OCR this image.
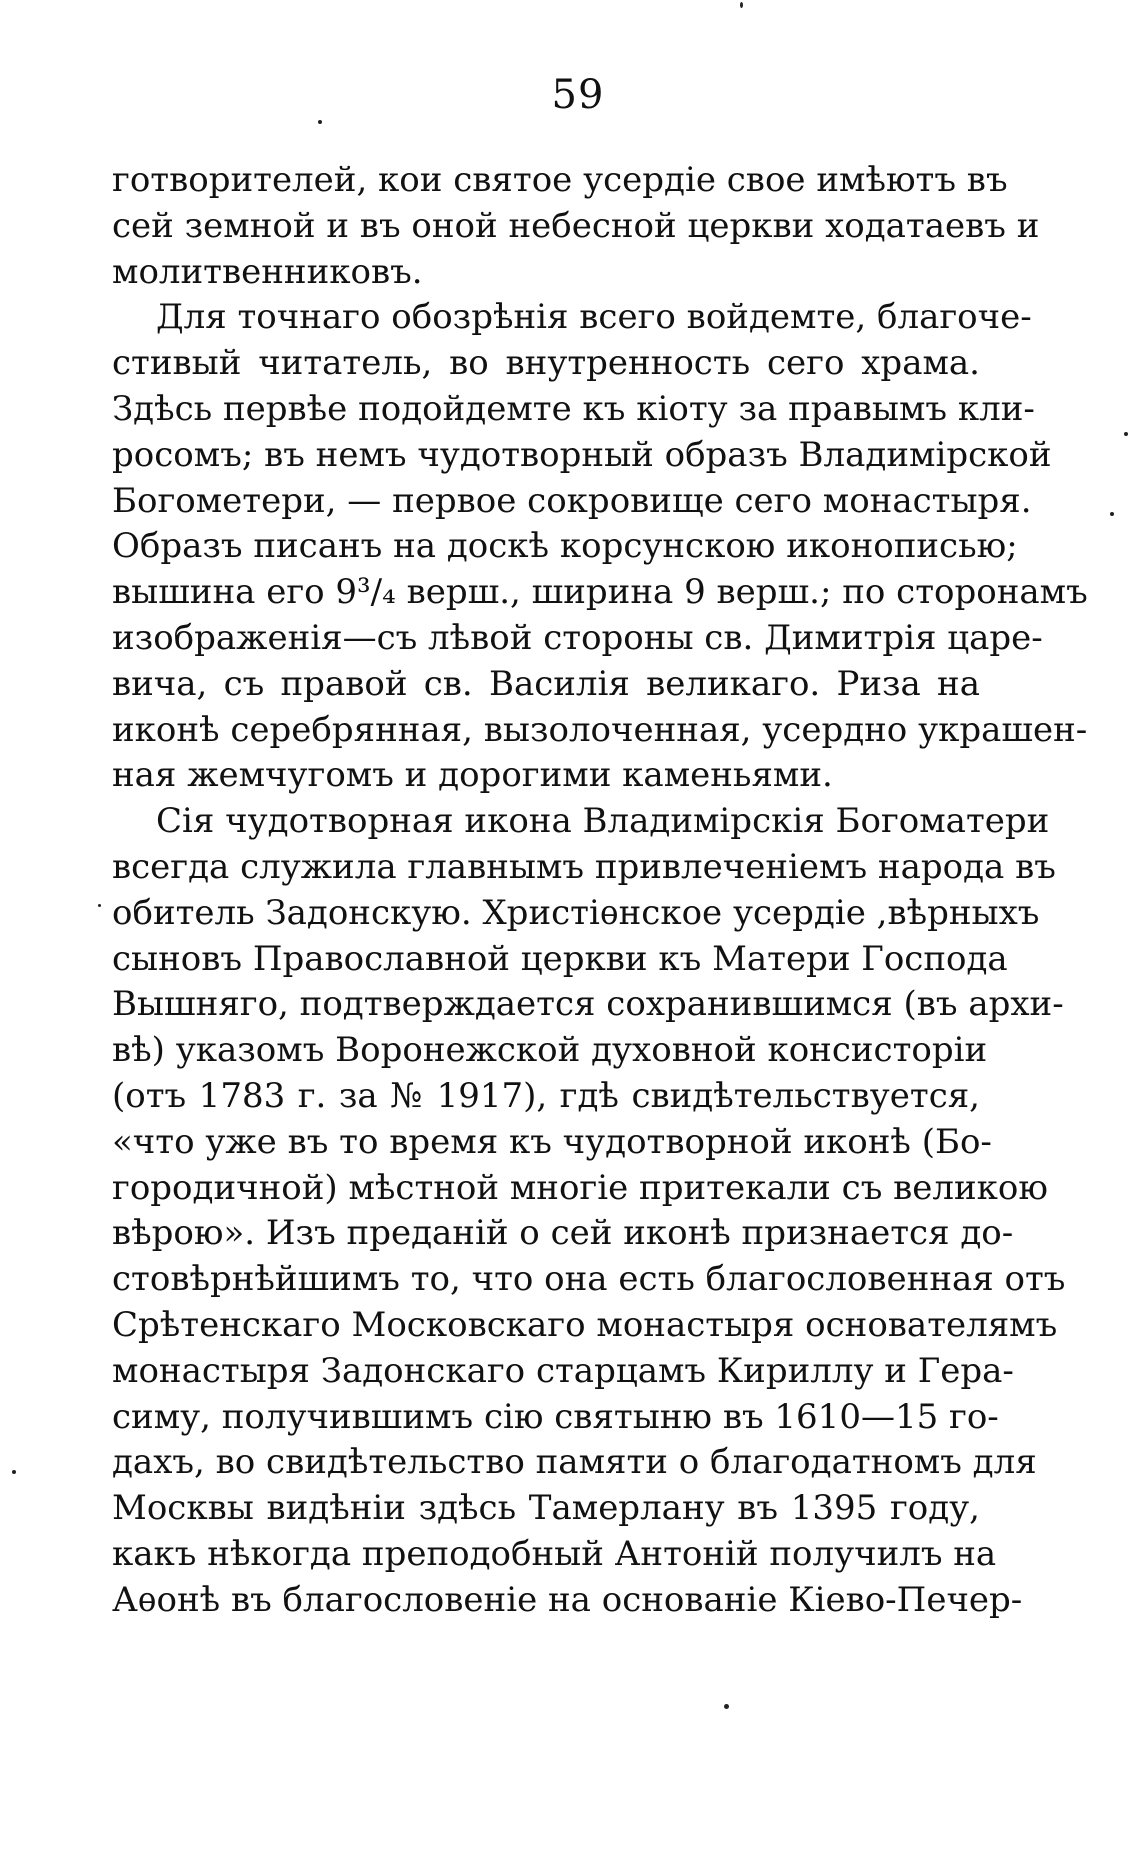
59
готворителей, кои святое усердіе свое имѣютъ въ
сей земной и въ оной небесной церкви ходатаевъ и
молитвенниковъ.
Для точнаго обозрѣнія всего войдемте, благоче-
стивый читатель, во внутренность сего храма.
Здѣсь первѣе подойдемте къ кіоту за правымъ кли-
росомъ; въ немъ чудотворный образъ Владимірской
Богометери, — первое сокровище сего монастыря.
Образъ писанъ на доскѣ корсунскою иконописью;
вышина его 9³/₄ верш., ширина 9 верш.; по сторонамъ
изображенія—съ лѣвой стороны св. Димитрія царе-
вича, съ правой св. Василія великаго. Риза на
иконѣ серебрянная, вызолоченная, усердно украшен-
ная жемчугомъ и дорогими каменьями.
Сія чудотворная икона Владимірскія Богоматери
всегда служила главнымъ привлеченіемъ народа въ
обитель Задонскую. Христіѳнское усердіе ,вѣрныхъ
сыновъ Православной церкви къ Матери Господа
Вышняго, подтверждается сохранившимся (въ архи-
вѣ) указомъ Воронежской духовной консисторіи
(отъ 1783 г. за № 1917), гдѣ свидѣтельствуется,
«что уже въ то время къ чудотворной иконѣ (Бо-
городичной) мѣстной многіе притекали съ великою
вѣрою». Изъ преданій о сей иконѣ признается до-
стовѣрнѣйшимъ то, что она есть благословенная отъ
Срѣтенскаго Московскаго монастыря основателямъ
монастыря Задонскаго старцамъ Кириллу и Гера-
симу, получившимъ сію святыню въ 1610—15 го-
дахъ, во свидѣтельство памяти о благодатномъ для
Москвы видѣніи здѣсь Тамерлану въ 1395 году,
какъ нѣкогда преподобный Антоній получилъ на
Аѳонѣ въ благословеніе на основаніе Кіево-Печер-
